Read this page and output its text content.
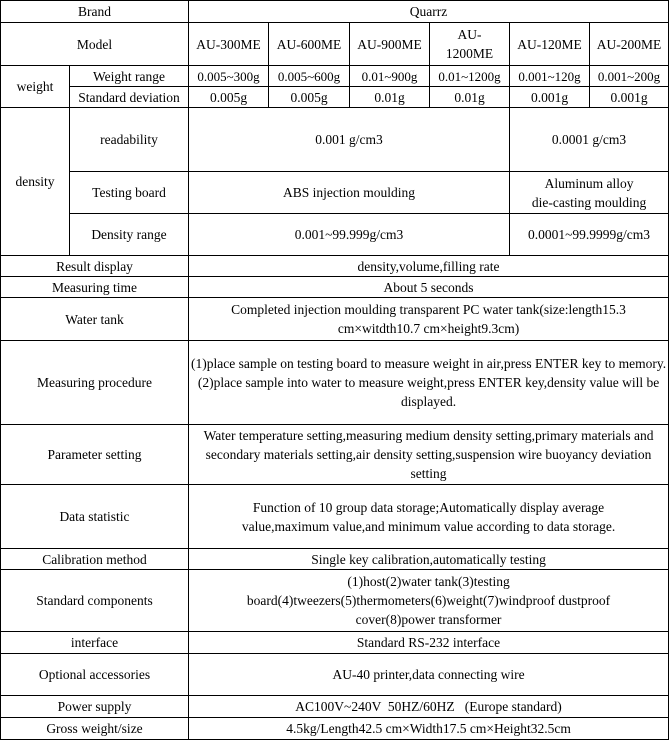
Brand		Quarrz					
Model		AU-300ME	AU-600ME	AU-900ME	AU-1200ME	AU-120ME	AU-200ME
weight	Weight range	0.005~300g	0.005~600g	0.01~900g	0.01~1200g	0.001~120g	0.001~200g
	Standard deviation	0.005g	0.005g	0.01g	0.01g	0.001g	0.001g
density	readability	0.001 g/cm3				0.0001 g/cm3	
	Testing board	ABS injection moulding				Aluminum alloy
die-casting moulding	
	Density range	0.001~99.999g/cm3				0.0001~99.9999g/cm3	
Result display		density,volume,filling rate					
Measuring time		About 5 seconds					
Water tank		Completed injection moulding transparent PC water tank(size:length15.3 cm×witdth10.7 cm×height9.3cm)					
Measuring procedure		(1)place sample on testing board to measure weight in air,press ENTER key to memory.
(2)place sample into water to measure weight,press ENTER key,density value will be displayed.					

Parameter setting		Water temperature setting,measuring medium density setting,primary materials and secondary materials setting,air density setting,suspension wire buoyancy deviation setting					
Data statistic		Function of 10 group data storage;Automatically display average value,maximum value,and minimum value according to data storage.					
Calibration method		Single key calibration,automatically testing					
Standard components		(1)host(2)water tank(3)testing board(4)tweezers(5)thermometers(6)weight(7)windproof dustproof cover(8)power transformer					
interface		Standard RS-232 interface					
Optional accessories		AU-40 printer,data connecting wire					
Power supply		AC100V~240V  50HZ/60HZ   (Europe standard)					
Gross weight/size		4.5kg/Length42.5 cm×Width17.5 cm×Height32.5cm					
